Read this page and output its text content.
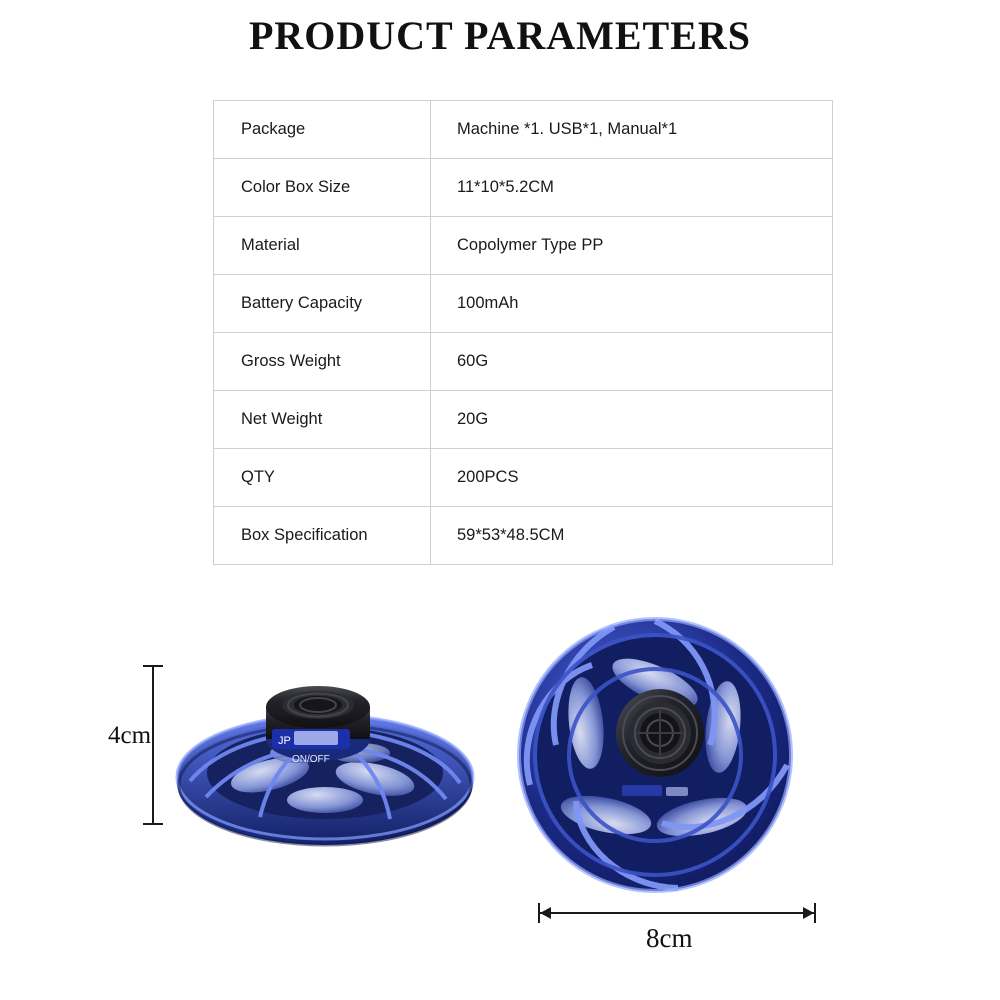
PRODUCT PARAMETERS
Package	Machine *1. USB*1, Manual*1
Color Box Size	11*10*5.2CM
Material	Copolymer Type PP
Battery Capacity	100mAh
Gross Weight	60G
Net Weight	20G
QTY	200PCS
Box Specification	59*53*48.5CM
4cm	JP
ON/OFF
8cm
